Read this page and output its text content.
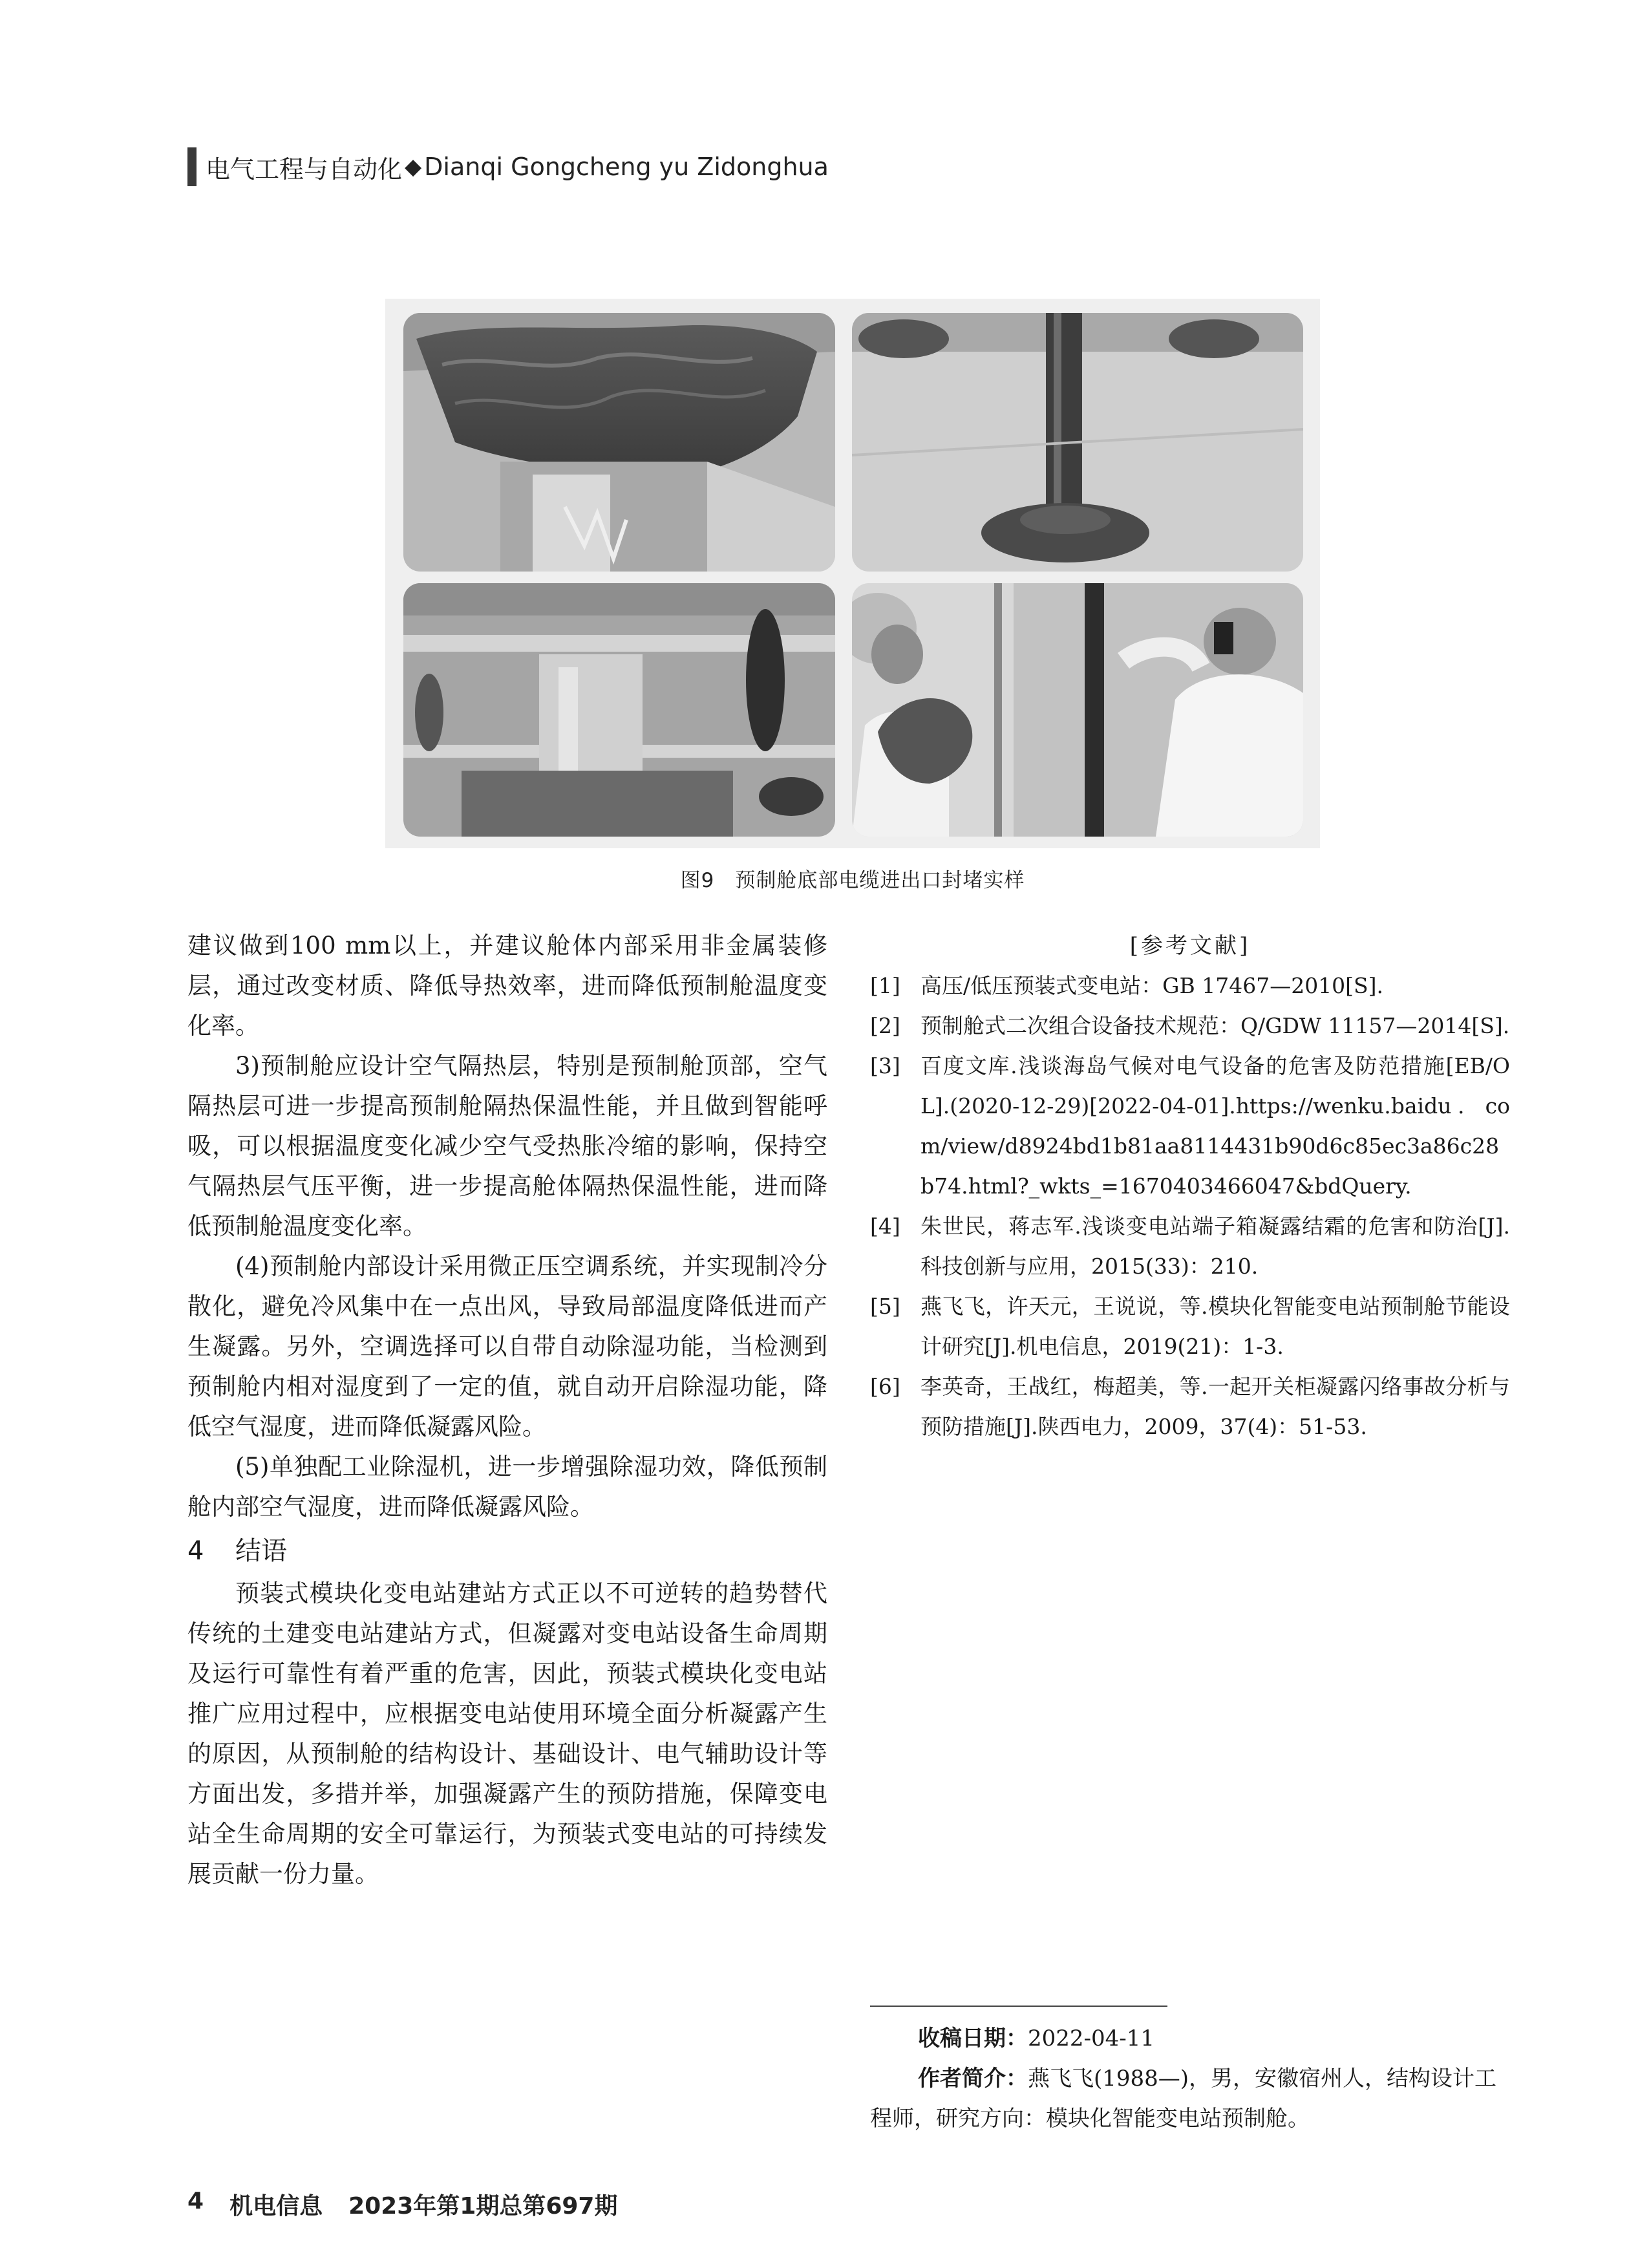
电气工程与自动化 ◆ Dianqi Gongcheng yu Zidonghua
图9　预制舱底部电缆进出口封堵实样

建议做到100 mm以上，并建议舱体内部采用非金属装修层，通过改变材质、降低导热效率，进而降低预制舱温度变化率。

3)预制舱应设计空气隔热层，特别是预制舱顶部，空气隔热层可进一步提高预制舱隔热保温性能，并且做到智能呼吸，可以根据温度变化减少空气受热胀冷缩的影响，保持空气隔热层气压平衡，进一步提高舱体隔热保温性能，进而降低预制舱温度变化率。

(4)预制舱内部设计采用微正压空调系统，并实现制冷分散化，避免冷风集中在一点出风，导致局部温度降低进而产生凝露。另外，空调选择可以自带自动除湿功能，当检测到预制舱内相对湿度到了一定的值，就自动开启除湿功能，降低空气湿度，进而降低凝露风险。

(5)单独配工业除湿机，进一步增强除湿功效，降低预制舱内部空气湿度，进而降低凝露风险。

4 结语

预装式模块化变电站建站方式正以不可逆转的趋势替代传统的土建变电站建站方式，但凝露对变电站设备生命周期及运行可靠性有着严重的危害，因此，预装式模块化变电站推广应用过程中，应根据变电站使用环境全面分析凝露产生的原因，从预制舱的结构设计、基础设计、电气辅助设计等方面出发，多措并举，加强凝露产生的预防措施，保障变电站全生命周期的安全可靠运行，为预装式变电站的可持续发展贡献一份力量。

[参考文献]
[1] 高压/低压预装式变电站：GB 17467—2010[S].
[2] 预制舱式二次组合设备技术规范：Q/GDW 11157—2014[S].
[3] 百度文库.浅谈海岛气候对电气设备的危害及防范措施[EB/OL].(2020-12-29)[2022-04-01].https://wenku.baidu．com/view/d8924bd1b81aa8114431b90d6c85ec3a86c28b74.html?_wkts_=1670403466047&bdQuery.
[4] 朱世民，蒋志军.浅谈变电站端子箱凝露结霜的危害和防治[J].科技创新与应用，2015(33)：210.
[5] 燕飞飞，许天元，王说说，等.模块化智能变电站预制舱节能设计研究[J].机电信息，2019(21)：1-3.
[6] 李英奇，王战红，梅超美，等.一起开关柜凝露闪络事故分析与预防措施[J].陕西电力，2009，37(4)：51-53.

收稿日期：2022-04-11

作者简介：燕飞飞(1988—)，男，安徽宿州人，结构设计工程师，研究方向：模块化智能变电站预制舱。

4 机电信息 2023年第1期总第697期
